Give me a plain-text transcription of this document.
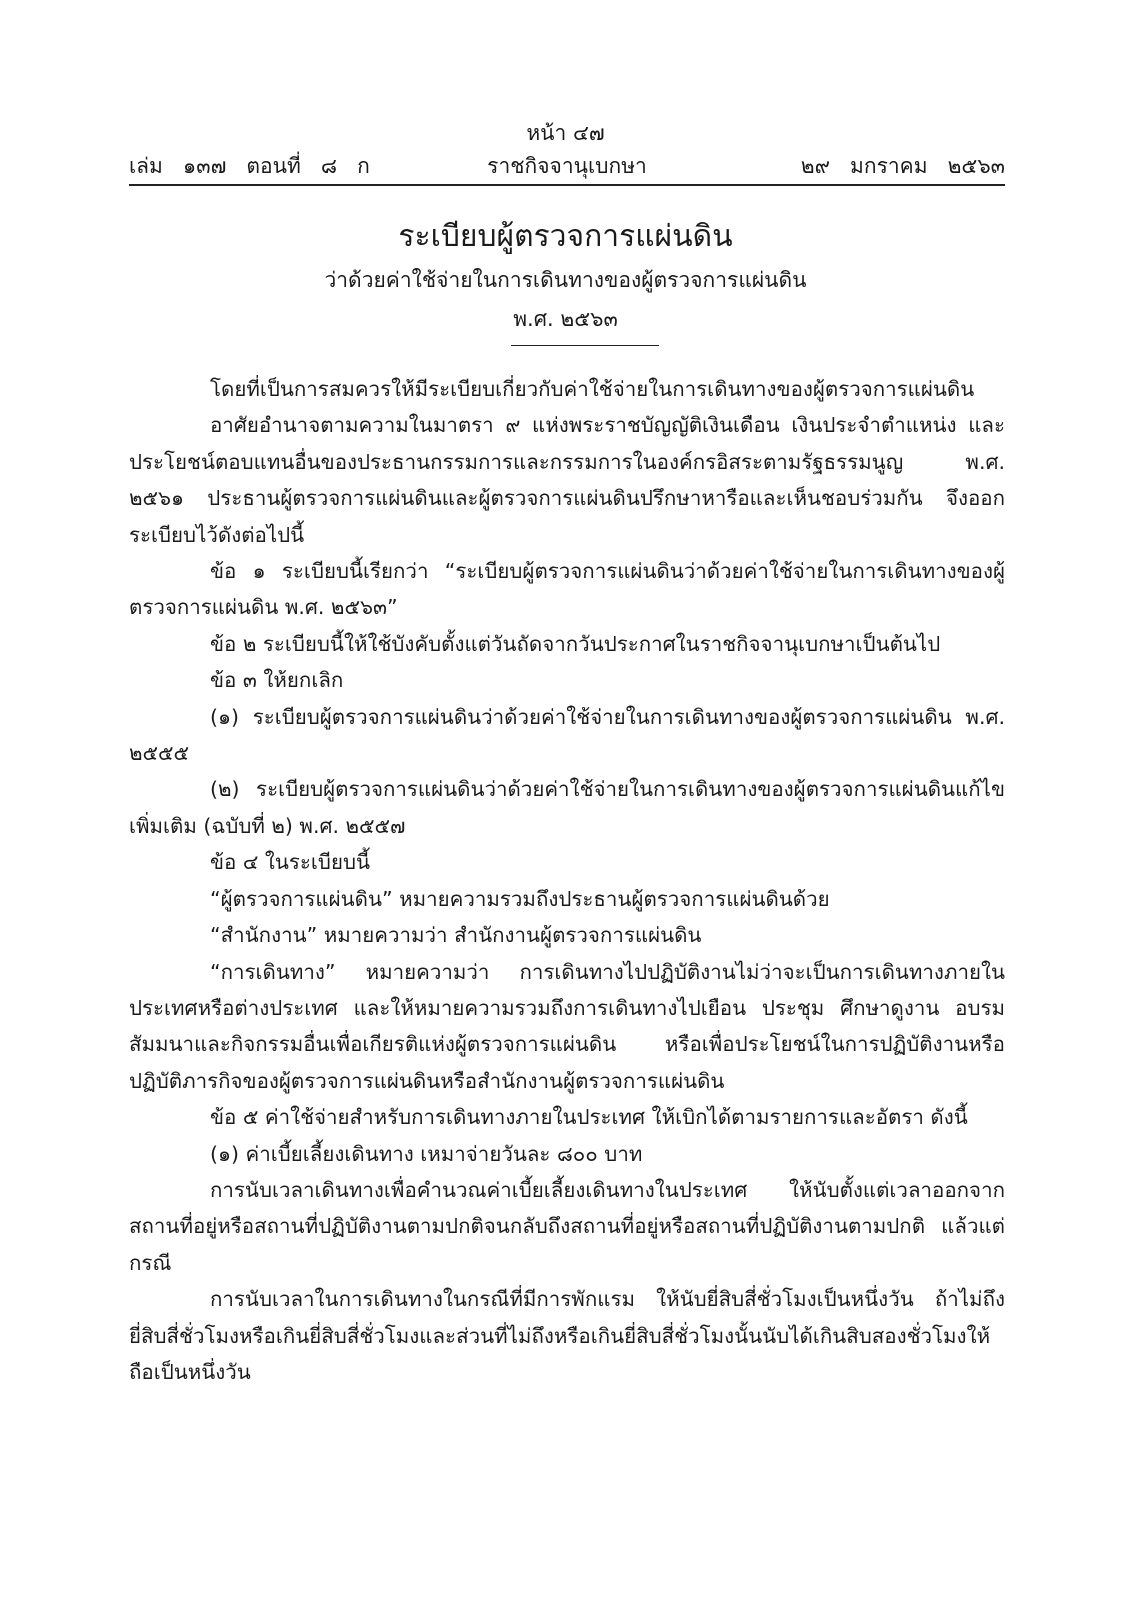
หน้า ๔๗
ราชกิจจานุเบกษา
เล่ม   ๑๓๗   ตอนที่   ๘   ก	๒๙   มกราคม   ๒๕๖๓
ระเบียบผู้ตรวจการแผ่นดิน
ว่าด้วยค่าใช้จ่ายในการเดินทางของผู้ตรวจการแผ่นดิน
พ.ศ. ๒๕๖๓

โดยที่เป็นการสมควรให้มีระเบียบเกี่ยวกับค่าใช้จ่ายในการเดินทางของผู้ตรวจการแผ่นดิน

อาศัยอำนาจตามความในมาตรา ๙ แห่งพระราชบัญญัติเงินเดือน เงินประจำตำแหน่ง และประโยชน์ตอบแทนอื่นของประธานกรรมการและกรรมการในองค์กรอิสระตามรัฐธรรมนูญ พ.ศ. ๒๕๖๑ ประธานผู้ตรวจการแผ่นดินและผู้ตรวจการแผ่นดินปรึกษาหารือและเห็นชอบร่วมกัน จึงออกระเบียบไว้ดังต่อไปนี้

ข้อ ๑ ระเบียบนี้เรียกว่า “ระเบียบผู้ตรวจการแผ่นดินว่าด้วยค่าใช้จ่ายในการเดินทางของผู้ตรวจการแผ่นดิน พ.ศ. ๒๕๖๓”

ข้อ ๒ ระเบียบนี้ให้ใช้บังคับตั้งแต่วันถัดจากวันประกาศในราชกิจจานุเบกษาเป็นต้นไป

ข้อ ๓ ให้ยกเลิก

(๑) ระเบียบผู้ตรวจการแผ่นดินว่าด้วยค่าใช้จ่ายในการเดินทางของผู้ตรวจการแผ่นดิน พ.ศ. ๒๕๕๕

(๒) ระเบียบผู้ตรวจการแผ่นดินว่าด้วยค่าใช้จ่ายในการเดินทางของผู้ตรวจการแผ่นดินแก้ไขเพิ่มเติม (ฉบับที่ ๒) พ.ศ. ๒๕๕๗

ข้อ ๔ ในระเบียบนี้

“ผู้ตรวจการแผ่นดิน” หมายความรวมถึงประธานผู้ตรวจการแผ่นดินด้วย

“สำนักงาน” หมายความว่า สำนักงานผู้ตรวจการแผ่นดิน

“การเดินทาง” หมายความว่า การเดินทางไปปฏิบัติงานไม่ว่าจะเป็นการเดินทางภายในประเทศหรือต่างประเทศ และให้หมายความรวมถึงการเดินทางไปเยือน ประชุม ศึกษาดูงาน อบรม สัมมนาและกิจกรรมอื่นเพื่อเกียรติแห่งผู้ตรวจการแผ่นดิน หรือเพื่อประโยชน์ในการปฏิบัติงานหรือปฏิบัติภารกิจของผู้ตรวจการแผ่นดินหรือสำนักงานผู้ตรวจการแผ่นดิน

ข้อ ๕ ค่าใช้จ่ายสำหรับการเดินทางภายในประเทศ ให้เบิกได้ตามรายการและอัตรา ดังนี้

(๑) ค่าเบี้ยเลี้ยงเดินทาง เหมาจ่ายวันละ ๘๐๐ บาท

การนับเวลาเดินทางเพื่อคำนวณค่าเบี้ยเลี้ยงเดินทางในประเทศ ให้นับตั้งแต่เวลาออกจากสถานที่อยู่หรือสถานที่ปฏิบัติงานตามปกติจนกลับถึงสถานที่อยู่หรือสถานที่ปฏิบัติงานตามปกติ แล้วแต่กรณี

การนับเวลาในการเดินทางในกรณีที่มีการพักแรม ให้นับยี่สิบสี่ชั่วโมงเป็นหนึ่งวัน ถ้าไม่ถึงยี่สิบสี่ชั่วโมงหรือเกินยี่สิบสี่ชั่วโมงและส่วนที่ไม่ถึงหรือเกินยี่สิบสี่ชั่วโมงนั้นนับได้เกินสิบสองชั่วโมงให้ถือเป็นหนึ่งวัน
